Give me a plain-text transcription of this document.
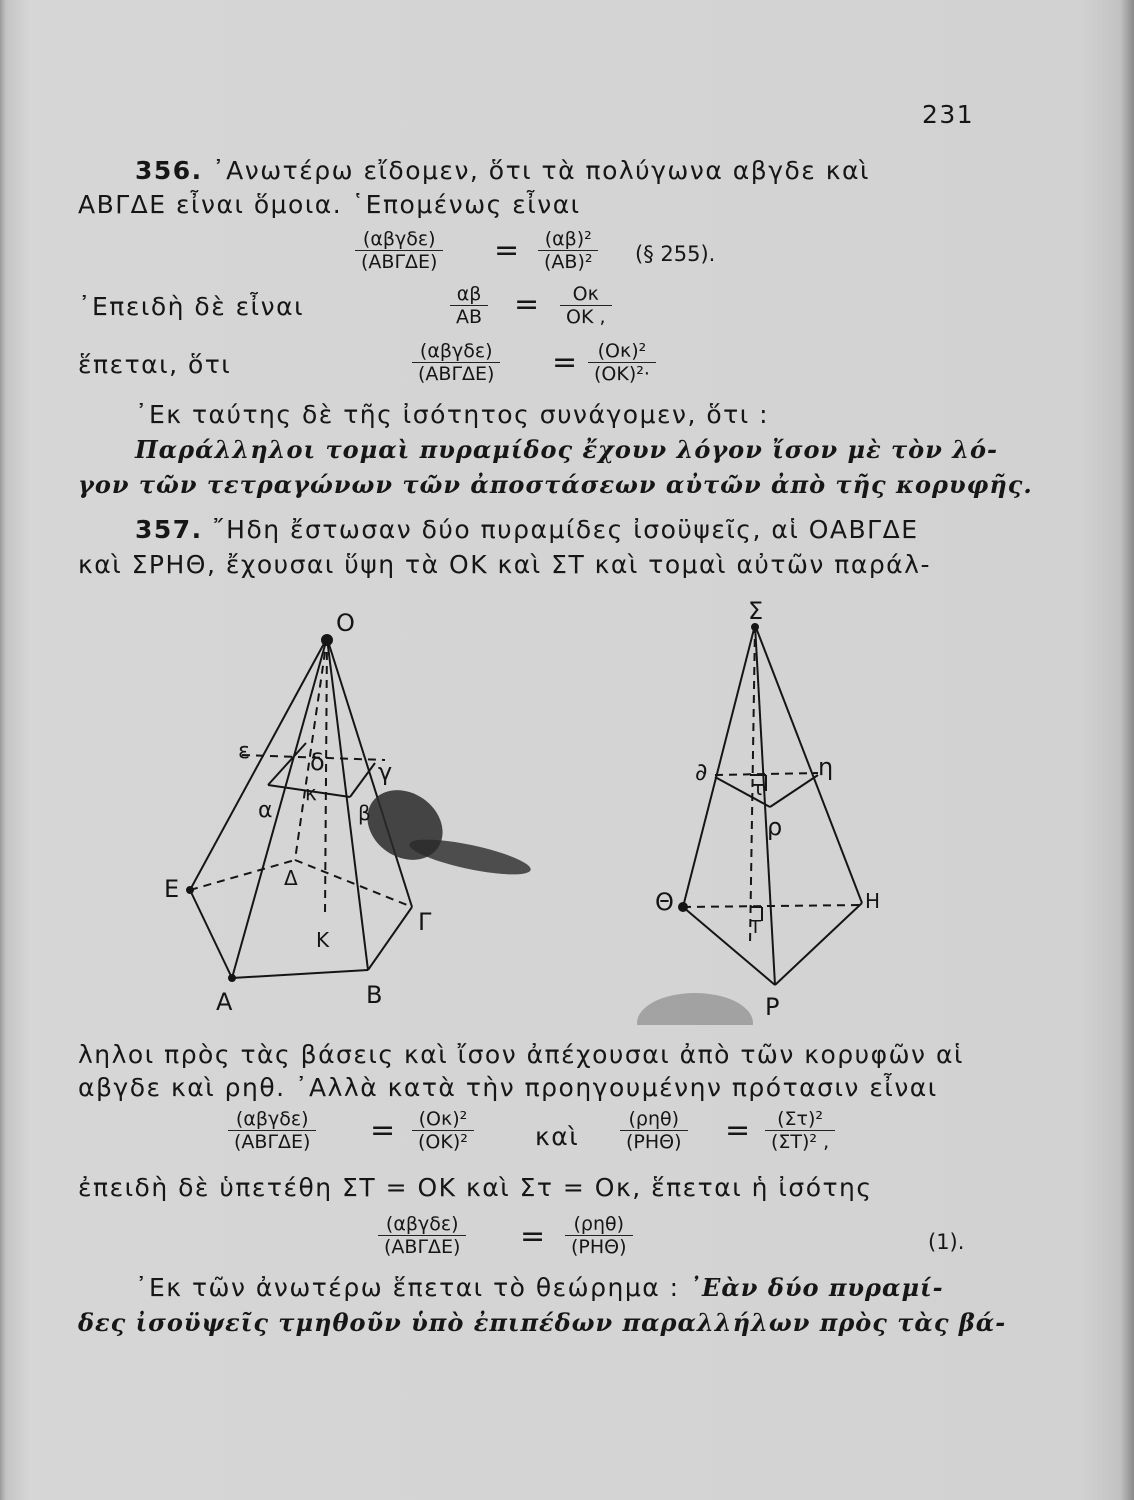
231
356. ᾿Ανωτέρω εἴδομεν, ὅτι τὰ πολύγωνα αβγδε καὶ
ΑΒΓΔΕ εἶναι ὅμοια. ῾Επομένως εἶναι
(αβγδε)
(ΑΒΓΔΕ) =	(αβ)²
(ΑΒ)² (§ 255).
᾿Επειδὴ δὲ εἶναι	αβ
ΑΒ =	Οκ
ΟΚ ,
ἕπεται, ὅτι	(αβγδε)
(ΑΒΓΔΕ) =	(Οκ)²
(ΟΚ)²·
᾿Εκ ταύτης δὲ τῆς ἰσότητος συνάγομεν, ὅτι :
Παράλληλοι τομαὶ πυραμίδος ἔχουν λόγον ἴσον μὲ τὸν λό-
γον τῶν τετραγώνων τῶν ἀποστάσεων αὐτῶν ἀπὸ τῆς κορυφῆς.
357. ῎Ηδη ἔστωσαν δύο πυραμίδες ἰσοϋψεῖς, αἱ ΟΑΒΓΔΕ
καὶ ΣΡΗΘ, ἔχουσαι ὕψη τὰ ΟΚ καὶ ΣΤ καὶ τομαὶ αὐτῶν παράλ-
O
A	B
Γ
Δ
E
K
α
γ
δ
ε
κ
β
Σ
P
H
Θ
T
ρ
η
∂
τ
ληλοι πρὸς τὰς βάσεις καὶ ἴσον ἀπέχουσαι ἀπὸ τῶν κορυφῶν αἱ
αβγδε καὶ ρηθ. ᾿Αλλὰ κατὰ τὴν προηγουμένην πρότασιν εἶναι
(αβγδε)
(ΑΒΓΔΕ) =	(Οκ)²
(ΟΚ)²	καὶ
(ρηθ)
(ΡΗΘ) =	(Στ)²
(ΣΤ)² ,
ἐπειδὴ δὲ ὑπετέθη ΣΤ = ΟΚ καὶ Στ = Οκ, ἕπεται ἡ ἰσότης
(αβγδε)
(ΑΒΓΔΕ) =	(ρηθ)
(ΡΗΘ)	(1).
᾿Εκ τῶν ἀνωτέρω ἕπεται τὸ θεώρημα : ᾿Εὰν δύο πυραμί-
δες ἰσοϋψεῖς τμηθοῦν ὑπὸ ἐπιπέδων παραλλήλων πρὸς τὰς βά-
